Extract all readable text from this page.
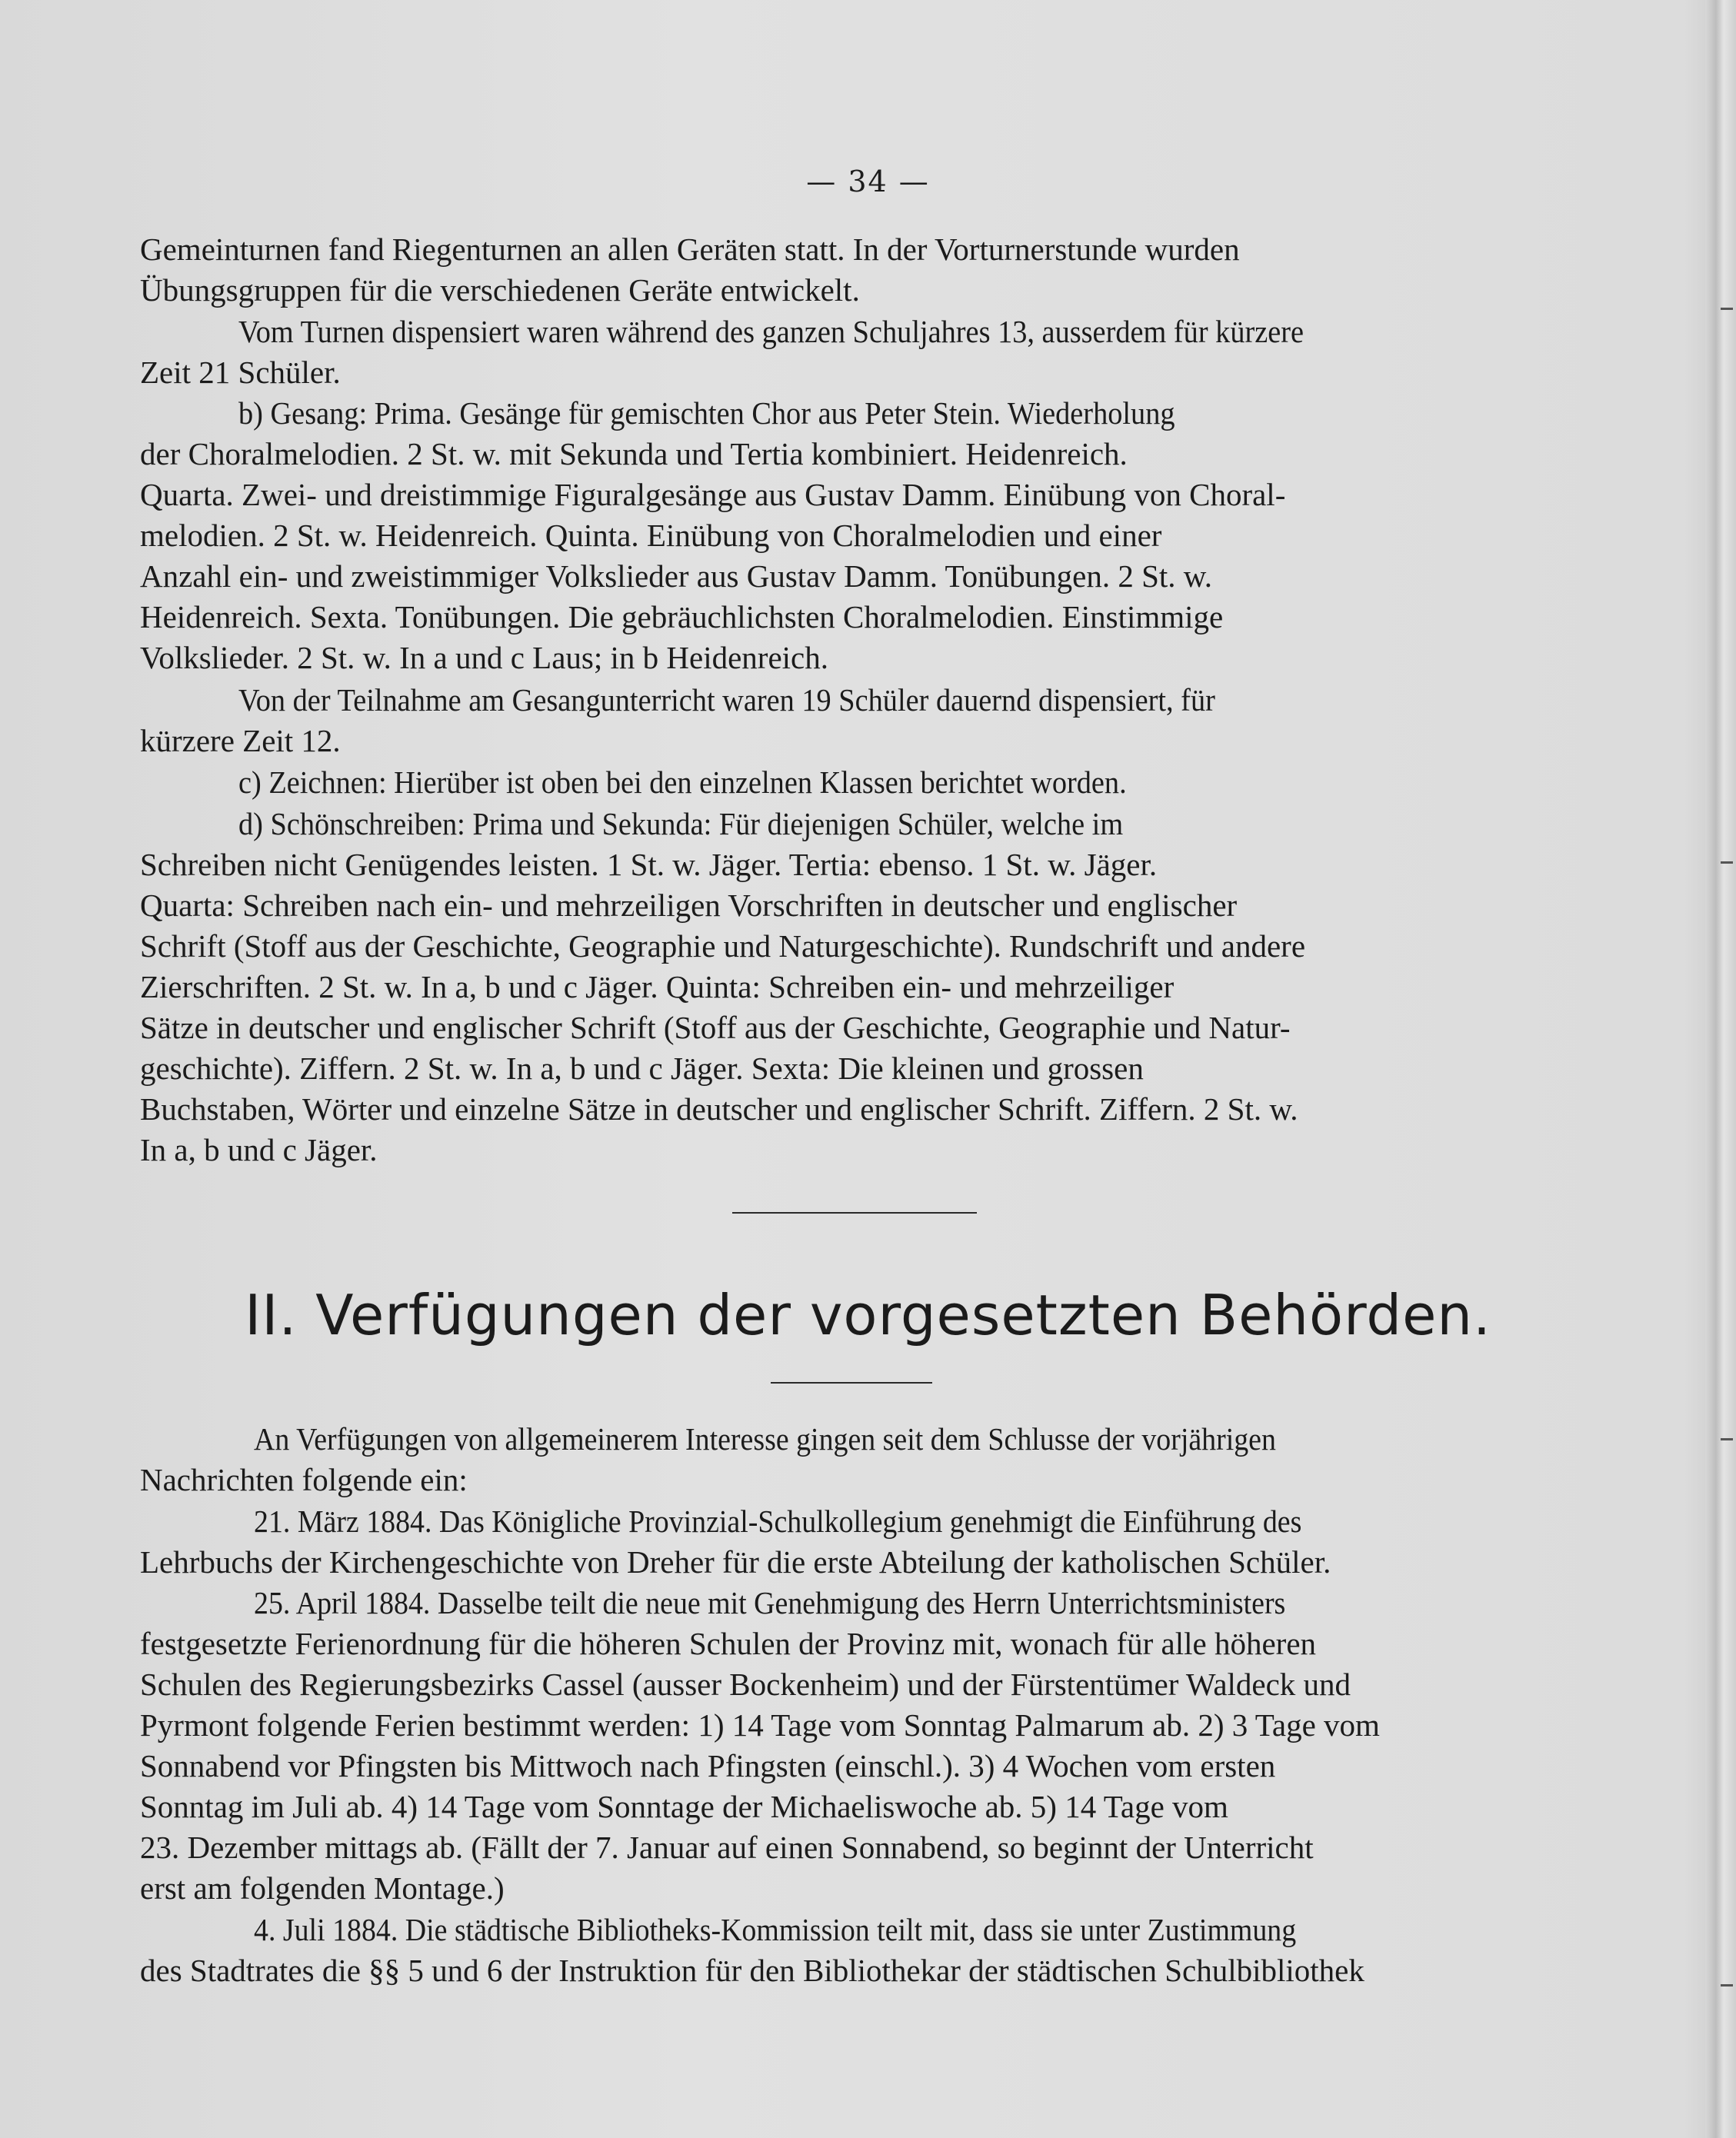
— 34 —
Gemeinturnen fand Riegenturnen an allen Geräten statt. In der Vorturnerstunde wurden
Übungsgruppen für die verschiedenen Geräte entwickelt.
Vom Turnen dispensiert waren während des ganzen Schuljahres 13, ausserdem für kürzere
Zeit 21 Schüler.
b) Gesang: Prima. Gesänge für gemischten Chor aus Peter Stein. Wiederholung
der Choralmelodien. 2 St. w. mit Sekunda und Tertia kombiniert. Heidenreich.
Quarta. Zwei- und dreistimmige Figuralgesänge aus Gustav Damm. Einübung von Choral-
melodien. 2 St. w. Heidenreich. Quinta. Einübung von Choralmelodien und einer
Anzahl ein- und zweistimmiger Volkslieder aus Gustav Damm. Tonübungen. 2 St. w.
Heidenreich. Sexta. Tonübungen. Die gebräuchlichsten Choralmelodien. Einstimmige
Volkslieder. 2 St. w. In a und c Laus; in b Heidenreich.
Von der Teilnahme am Gesangunterricht waren 19 Schüler dauernd dispensiert, für
kürzere Zeit 12.
c) Zeichnen: Hierüber ist oben bei den einzelnen Klassen berichtet worden.
d) Schönschreiben: Prima und Sekunda: Für diejenigen Schüler, welche im
Schreiben nicht Genügendes leisten. 1 St. w. Jäger. Tertia: ebenso. 1 St. w. Jäger.
Quarta: Schreiben nach ein- und mehrzeiligen Vorschriften in deutscher und englischer
Schrift (Stoff aus der Geschichte, Geographie und Naturgeschichte). Rundschrift und andere
Zierschriften. 2 St. w. In a, b und c Jäger. Quinta: Schreiben ein- und mehrzeiliger
Sätze in deutscher und englischer Schrift (Stoff aus der Geschichte, Geographie und Natur-
geschichte). Ziffern. 2 St. w. In a, b und c Jäger. Sexta: Die kleinen und grossen
Buchstaben, Wörter und einzelne Sätze in deutscher und englischer Schrift. Ziffern. 2 St. w.
In a, b und c Jäger.
II. Verfügungen der vorgesetzten Behörden.
An Verfügungen von allgemeinerem Interesse gingen seit dem Schlusse der vorjährigen
Nachrichten folgende ein:
21. März 1884. Das Königliche Provinzial-Schulkollegium genehmigt die Einführung des
Lehrbuchs der Kirchengeschichte von Dreher für die erste Abteilung der katholischen Schüler.
25. April 1884. Dasselbe teilt die neue mit Genehmigung des Herrn Unterrichtsministers
festgesetzte Ferienordnung für die höheren Schulen der Provinz mit, wonach für alle höheren
Schulen des Regierungsbezirks Cassel (ausser Bockenheim) und der Fürstentümer Waldeck und
Pyrmont folgende Ferien bestimmt werden: 1) 14 Tage vom Sonntag Palmarum ab. 2) 3 Tage vom
Sonnabend vor Pfingsten bis Mittwoch nach Pfingsten (einschl.). 3) 4 Wochen vom ersten
Sonntag im Juli ab. 4) 14 Tage vom Sonntage der Michaeliswoche ab. 5) 14 Tage vom
23. Dezember mittags ab. (Fällt der 7. Januar auf einen Sonnabend, so beginnt der Unterricht
erst am folgenden Montage.)
4. Juli 1884. Die städtische Bibliotheks-Kommission teilt mit, dass sie unter Zustimmung
des Stadtrates die §§ 5 und 6 der Instruktion für den Bibliothekar der städtischen Schulbibliothek
